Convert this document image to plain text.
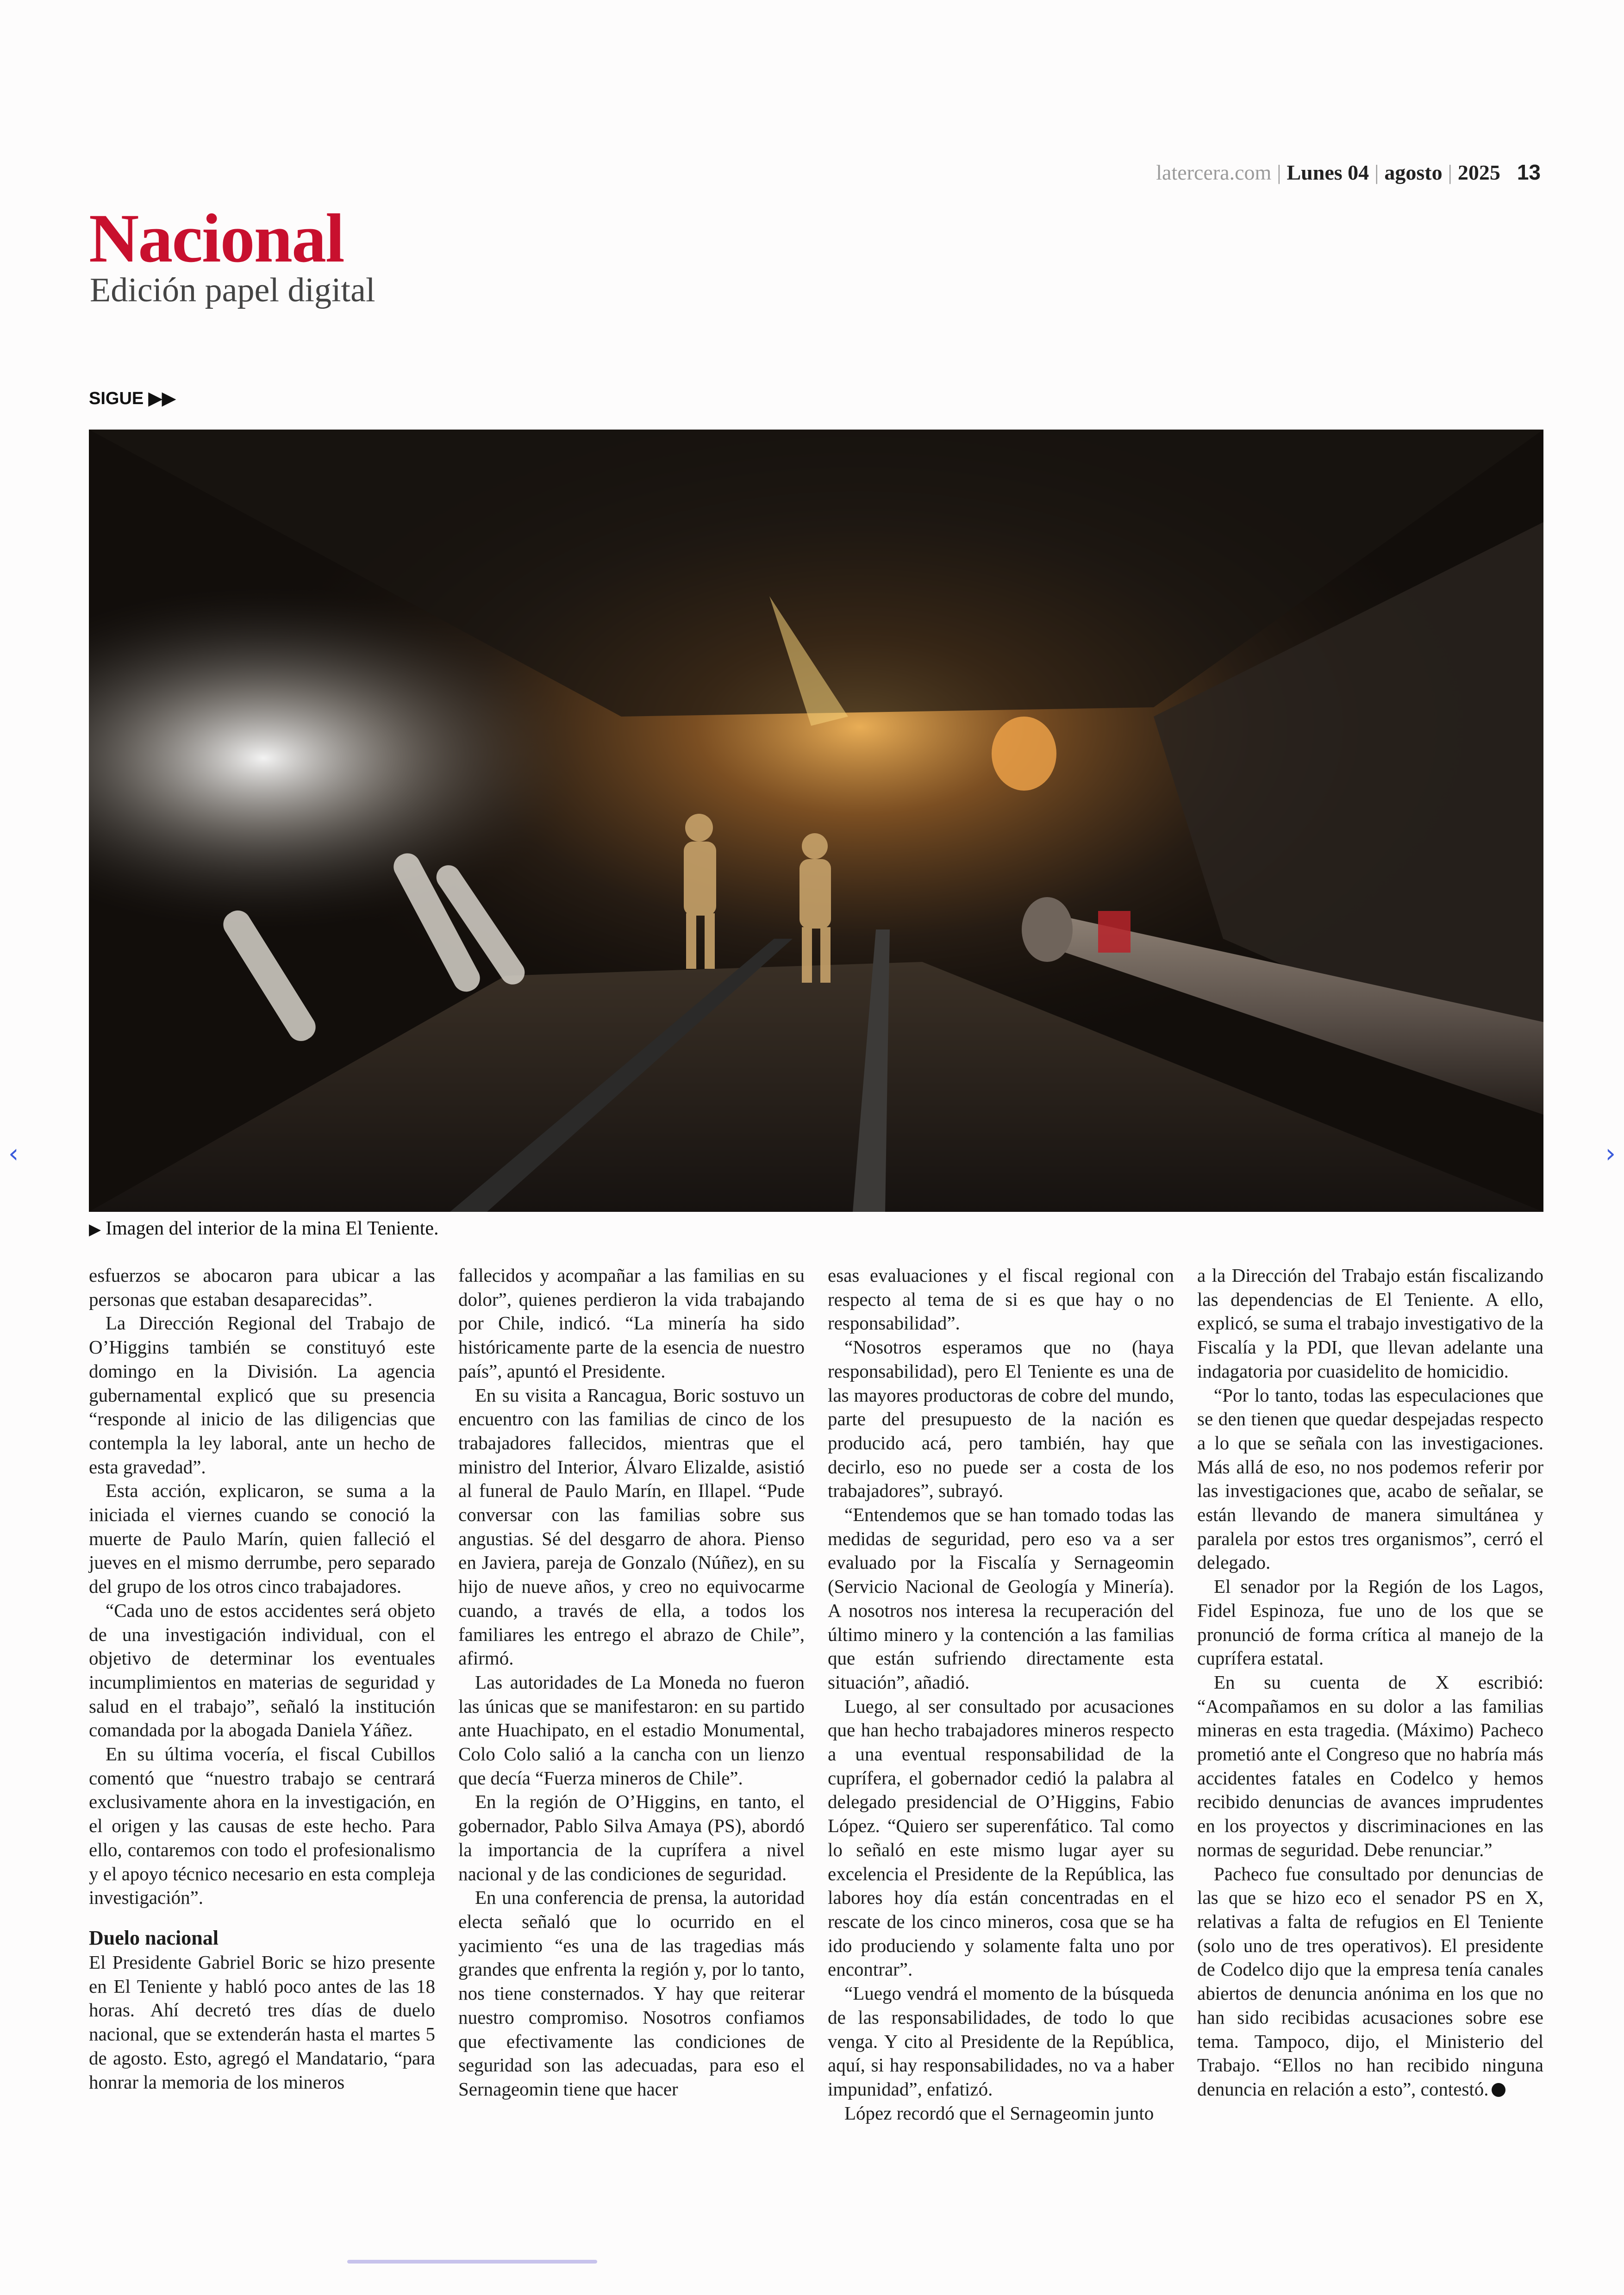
latercera.com | Lunes 04 | agosto | 2025 13
Nacional
Edición papel digital
SIGUE ▶▶
▶ Imagen del interior de la mina El Teniente.

esfuerzos se abocaron para ubicar a las personas que estaban desaparecidas”.

La Dirección Regional del Trabajo de O’Higgins también se constituyó este domingo en la División. La agencia gubernamental explicó que su presencia “responde al inicio de las diligencias que contempla la ley laboral, ante un hecho de esta gravedad”.

Esta acción, explicaron, se suma a la iniciada el viernes cuando se conoció la muerte de Paulo Marín, quien falleció el jueves en el mismo derrumbe, pero separado del grupo de los otros cinco trabajadores.

“Cada uno de estos accidentes será objeto de una investigación individual, con el objetivo de determinar los eventuales incumplimientos en materias de seguridad y salud en el trabajo”, señaló la institución comandada por la abogada Daniela Yáñez.

En su última vocería, el fiscal Cubillos comentó que “nuestro trabajo se centrará exclusivamente ahora en la investigación, en el origen y las causas de este hecho. Para ello, contaremos con todo el profesionalismo y el apoyo técnico necesario en esta compleja investigación”.

Duelo nacional

El Presidente Gabriel Boric se hizo presente en El Teniente y habló poco antes de las 18 horas. Ahí decretó tres días de duelo nacional, que se extenderán hasta el martes 5 de agosto. Esto, agregó el Mandatario, “para honrar la memoria de los mineros

fallecidos y acompañar a las familias en su dolor”, quienes perdieron la vida trabajando por Chile, indicó. “La minería ha sido históricamente parte de la esencia de nuestro país”, apuntó el Presidente.

En su visita a Rancagua, Boric sostuvo un encuentro con las familias de cinco de los trabajadores fallecidos, mientras que el ministro del Interior, Álvaro Elizalde, asistió al funeral de Paulo Marín, en Illapel. “Pude conversar con las familias sobre sus angustias. Sé del desgarro de ahora. Pienso en Javiera, pareja de Gonzalo (Núñez), en su hijo de nueve años, y creo no equivocarme cuando, a través de ella, a todos los familiares les entrego el abrazo de Chile”, afirmó.

Las autoridades de La Moneda no fueron las únicas que se manifestaron: en su partido ante Huachipato, en el estadio Monumental, Colo Colo salió a la cancha con un lienzo que decía “Fuerza mineros de Chile”.

En la región de O’Higgins, en tanto, el gobernador, Pablo Silva Amaya (PS), abordó la importancia de la cuprífera a nivel nacional y de las condiciones de seguridad.

En una conferencia de prensa, la autoridad electa señaló que lo ocurrido en el yacimiento “es una de las tragedias más grandes que enfrenta la región y, por lo tanto, nos tiene consternados. Y hay que reiterar nuestro compromiso. Nosotros confiamos que efectivamente las condiciones de seguridad son las adecuadas, para eso el Sernageomin tiene que hacer

esas evaluaciones y el fiscal regional con respecto al tema de si es que hay o no responsabilidad”.

“Nosotros esperamos que no (haya responsabilidad), pero El Teniente es una de las mayores productoras de cobre del mundo, parte del presupuesto de la nación es producido acá, pero también, hay que decirlo, eso no puede ser a costa de los trabajadores”, subrayó.

“Entendemos que se han tomado todas las medidas de seguridad, pero eso va a ser evaluado por la Fiscalía y Sernageomin (Servicio Nacional de Geología y Minería). A nosotros nos interesa la recuperación del último minero y la contención a las familias que están sufriendo directamente esta situación”, añadió.

Luego, al ser consultado por acusaciones que han hecho trabajadores mineros respecto a una eventual responsabilidad de la cuprífera, el gobernador cedió la palabra al delegado presidencial de O’Higgins, Fabio López. “Quiero ser superenfático. Tal como lo señaló en este mismo lugar ayer su excelencia el Presidente de la República, las labores hoy día están concentradas en el rescate de los cinco mineros, cosa que se ha ido produciendo y solamente falta uno por encontrar”.

“Luego vendrá el momento de la búsqueda de las responsabilidades, de todo lo que venga. Y cito al Presidente de la República, aquí, si hay responsabilidades, no va a haber impunidad”, enfatizó.

López recordó que el Sernageomin junto

a la Dirección del Trabajo están fiscalizando las dependencias de El Teniente. A ello, explicó, se suma el trabajo investigativo de la Fiscalía y la PDI, que llevan adelante una indagatoria por cuasidelito de homicidio.

“Por lo tanto, todas las especulaciones que se den tienen que quedar despejadas respecto a lo que se señala con las investigaciones. Más allá de eso, no nos podemos referir por las investigaciones que, acabo de señalar, se están llevando de manera simultánea y paralela por estos tres organismos”, cerró el delegado.

El senador por la Región de los Lagos, Fidel Espinoza, fue uno de los que se pronunció de forma crítica al manejo de la cuprífera estatal.

En su cuenta de X escribió: “Acompañamos en su dolor a las familias mineras en esta tragedia. (Máximo) Pacheco prometió ante el Congreso que no habría más accidentes fatales en Codelco y hemos recibido denuncias de avances imprudentes en los proyectos y discriminaciones en las normas de seguridad. Debe renunciar.”

Pacheco fue consultado por denuncias de las que se hizo eco el senador PS en X, relativas a falta de refugios en El Teniente (solo uno de tres operativos). El presidente de Codelco dijo que la empresa tenía canales abiertos de denuncia anónima en los que no han sido recibidas acusaciones sobre ese tema. Tampoco, dijo, el Ministerio del Trabajo. “Ellos no han recibido ninguna denuncia en relación a esto”, contestó.

‹	›
